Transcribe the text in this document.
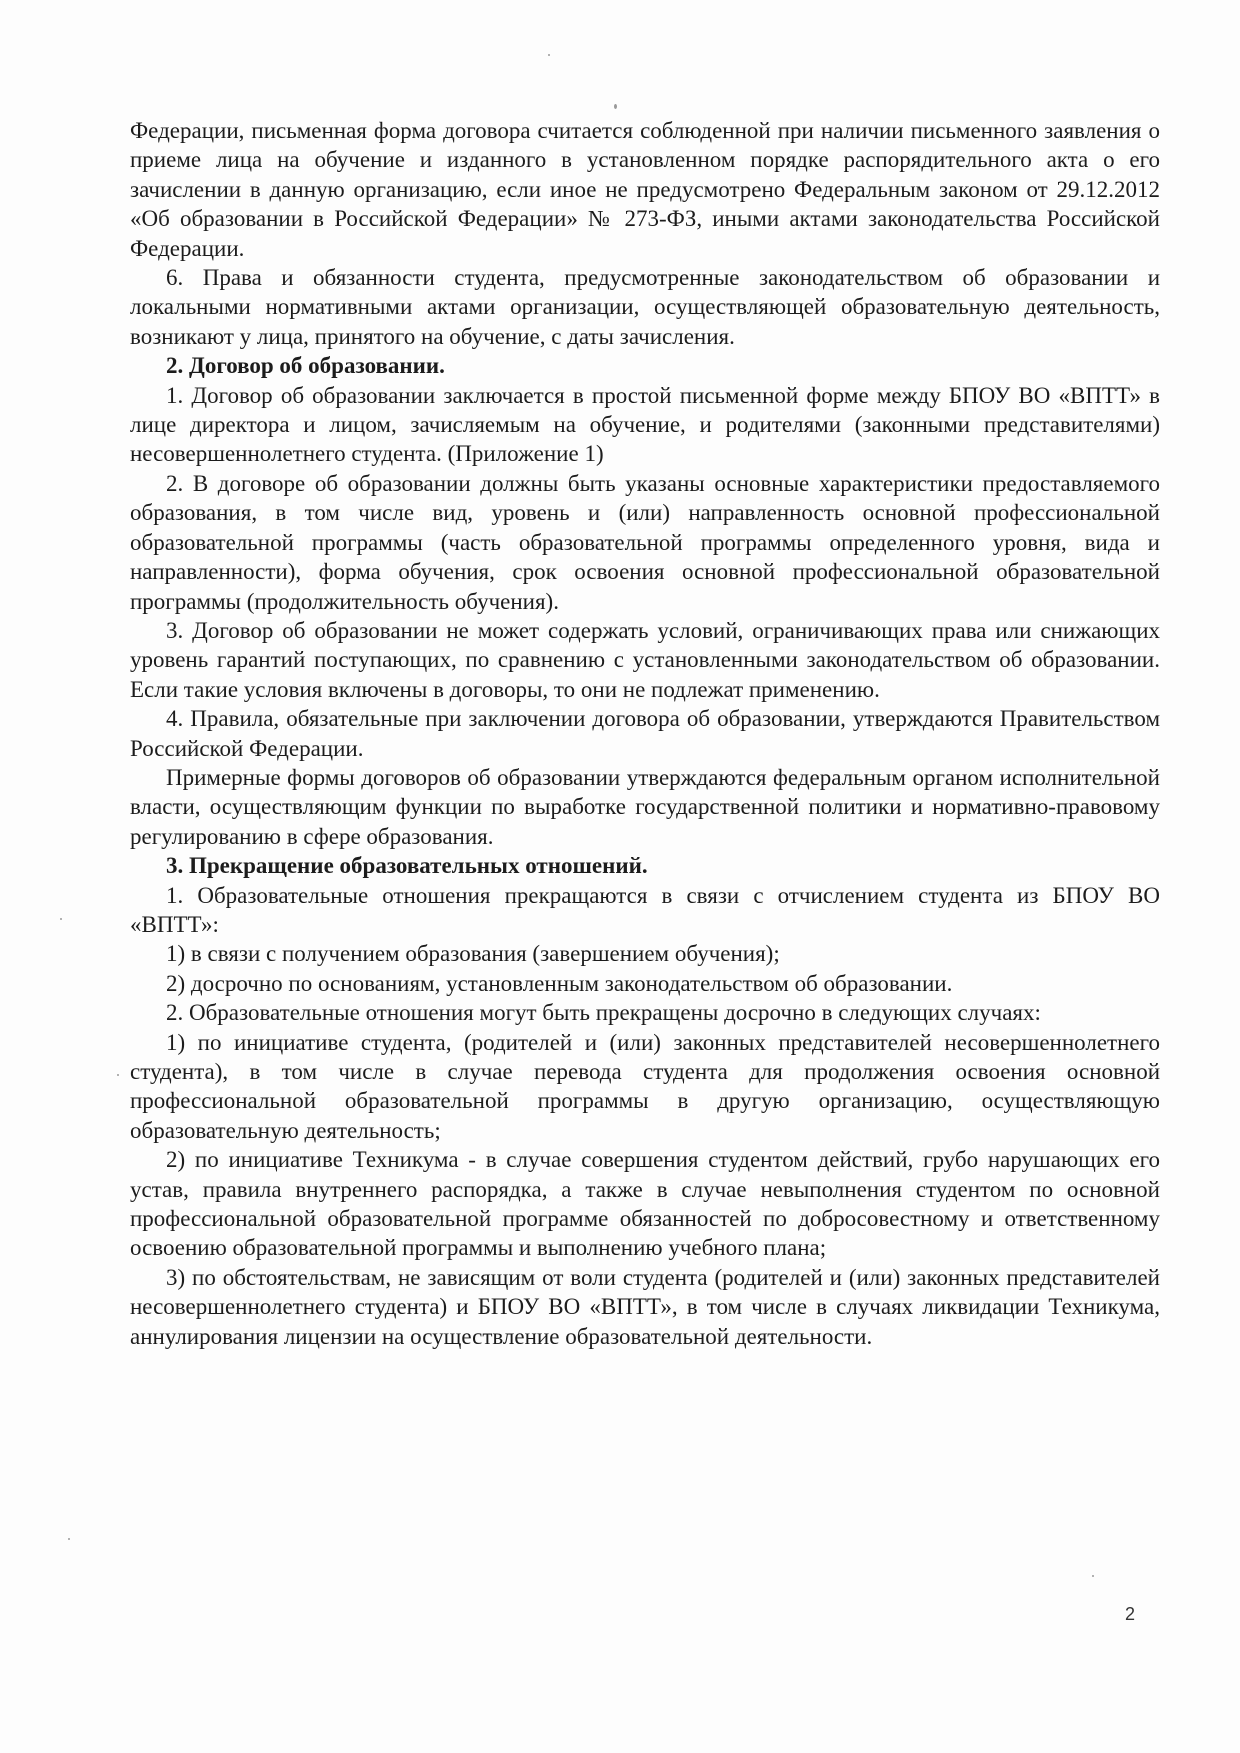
Федерации, письменная форма договора считается соблюденной при наличии письменного заявления о приеме лица на обучение и изданного в установленном порядке распорядительного акта о его зачислении в данную организацию, если иное не предусмотрено Федеральным законом от 29.12.2012 «Об образовании в Российской Федерации» № 273-ФЗ, иными актами законодательства Российской Федерации.

6. Права и обязанности студента, предусмотренные законодательством об образовании и локальными нормативными актами организации, осуществляющей образовательную деятельность, возникают у лица, принятого на обучение, с даты зачисления.

2. Договор об образовании.

1. Договор об образовании заключается в простой письменной форме между БПОУ ВО «ВПТТ» в лице директора и лицом, зачисляемым на обучение, и родителями (законными представителями) несовершеннолетнего студента. (Приложение 1)

2. В договоре об образовании должны быть указаны основные характеристики предоставляемого образования, в том числе вид, уровень и (или) направленность основной профессиональной образовательной программы (часть образовательной программы определенного уровня, вида и направленности), форма обучения, срок освоения основной профессиональной образовательной программы (продолжительность обучения).

3. Договор об образовании не может содержать условий, ограничивающих права или снижающих уровень гарантий поступающих, по сравнению с установленными законодательством об образовании. Если такие условия включены в договоры, то они не подлежат применению.

4. Правила, обязательные при заключении договора об образовании, утверждаются Правительством Российской Федерации.

Примерные формы договоров об образовании утверждаются федеральным органом исполнительной власти, осуществляющим функции по выработке государственной политики и нормативно-правовому регулированию в сфере образования.

3. Прекращение образовательных отношений.

1. Образовательные отношения прекращаются в связи с отчислением студента из БПОУ ВО «ВПТТ»:

1) в связи с получением образования (завершением обучения);

2) досрочно по основаниям, установленным законодательством об образовании.

2. Образовательные отношения могут быть прекращены досрочно в следующих случаях:

1) по инициативе студента, (родителей и (или) законных представителей несовершеннолетнего студента), в том числе в случае перевода студента для продолжения освоения основной профессиональной образовательной программы в другую организацию, осуществляющую образовательную деятельность;

2) по инициативе Техникума - в случае совершения студентом действий, грубо нарушающих его устав, правила внутреннего распорядка, а также в случае невыполнения студентом по основной профессиональной образовательной программе обязанностей по добросовестному и ответственному освоению образовательной программы и выполнению учебного плана;

3) по обстоятельствам, не зависящим от воли студента (родителей и (или) законных представителей несовершеннолетнего студента) и БПОУ ВО «ВПТТ», в том числе в случаях ликвидации Техникума, аннулирования лицензии на осуществление образовательной деятельности.

2
